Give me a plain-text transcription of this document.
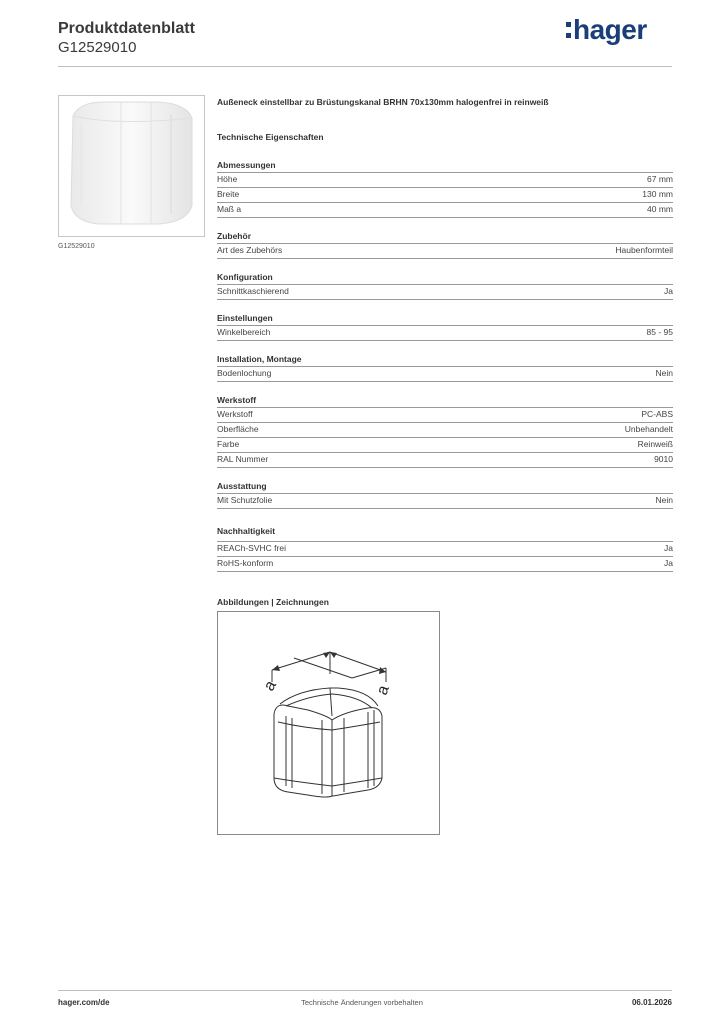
Produktdatenblatt
G12529010
hager
G12529010
Außeneck einstellbar zu Brüstungskanal BRHN 70x130mm halogenfrei in reinweiß
Technische Eigenschaften
Abmessungen
Höhe	67 mm
Breite	130 mm
Maß a	40 mm
Zubehör
Art des Zubehörs	Haubenformteil
Konfiguration
Schnittkaschierend	Ja
Einstellungen
Winkelbereich	85 - 95
Installation, Montage
Bodenlochung	Nein
Werkstoff
Werkstoff	PC-ABS
Oberfläche	Unbehandelt
Farbe	Reinweiß
RAL Nummer	9010
Ausstattung
Mit Schutzfolie	Nein
Nachhaltigkeit
REACh-SVHC frei	Ja
RoHS-konform	Ja
Abbildungen | Zeichnungen
a	a
hager.com/de	Technische Änderungen vorbehalten	06.01.2026
